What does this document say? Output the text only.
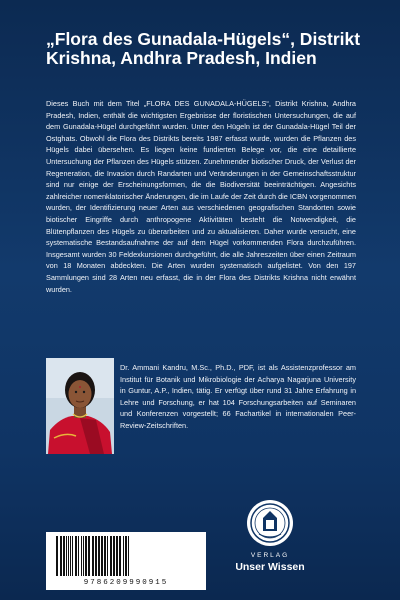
„Flora des Gunadala-Hügels“, Distrikt Krishna, Andhra Pradesh, Indien

Dieses Buch mit dem Titel „FLORA DES GUNADALA-HÜGELS“, Distrikt Krishna, Andhra Pradesh, Indien, enthält die wichtigsten Ergebnisse der floristischen Untersuchungen, die auf dem Gunadala-Hügel durchgeführt wurden. Unter den Hügeln ist der Gunadala-Hügel Teil der Ostghats. Obwohl die Flora des Distrikts bereits 1987 erfasst wurde, wurden die Pflanzen des Hügels dabei übersehen. Es liegen keine fundierten Belege vor, die eine detaillierte Untersuchung der Pflanzen des Hügels stützen. Zunehmender biotischer Druck, der Verlust der Regeneration, die Invasion durch Randarten und Veränderungen in der Gemeinschaftsstruktur sind nur einige der Erscheinungsformen, die die Biodiversität beeinträchtigen. Angesichts zahlreicher nomenklatorischer Änderungen, die im Laufe der Zeit durch die ICBN vorgenommen wurden, der Identifizierung neuer Arten aus verschiedenen geografischen Standorten sowie biotischer Eingriffe durch anthropogene Aktivitäten besteht die Notwendigkeit, die Blütenpflanzen des Hügels zu überarbeiten und zu aktualisieren. Daher wurde versucht, eine systematische Bestandsaufnahme der auf dem Hügel vorkommenden Flora durchzuführen. Insgesamt wurden 30 Feldexkursionen durchgeführt, die alle Jahreszeiten über einen Zeitraum von 18 Monaten abdeckten. Die Arten wurden systematisch aufgelistet. Von den 197 Sammlungen sind 28 Arten neu erfasst, die in der Flora des Distrikts Krishna nicht erwähnt wurden.

Dr. Ammani Kandru, M.Sc., Ph.D., PDF, ist als Assistenzprofessor am Institut für Botanik und Mikrobiologie der Acharya Nagarjuna University in Guntur, A.P., Indien, tätig. Er verfügt über rund 31 Jahre Erfahrung in Lehre und Forschung, er hat 104 Forschungsarbeiten auf Seminaren und Konferenzen vorgestellt; 66 Fachartikel in internationalen Peer-Review-Zeitschriften.

9786209990915
VERLAG
Unser Wissen
